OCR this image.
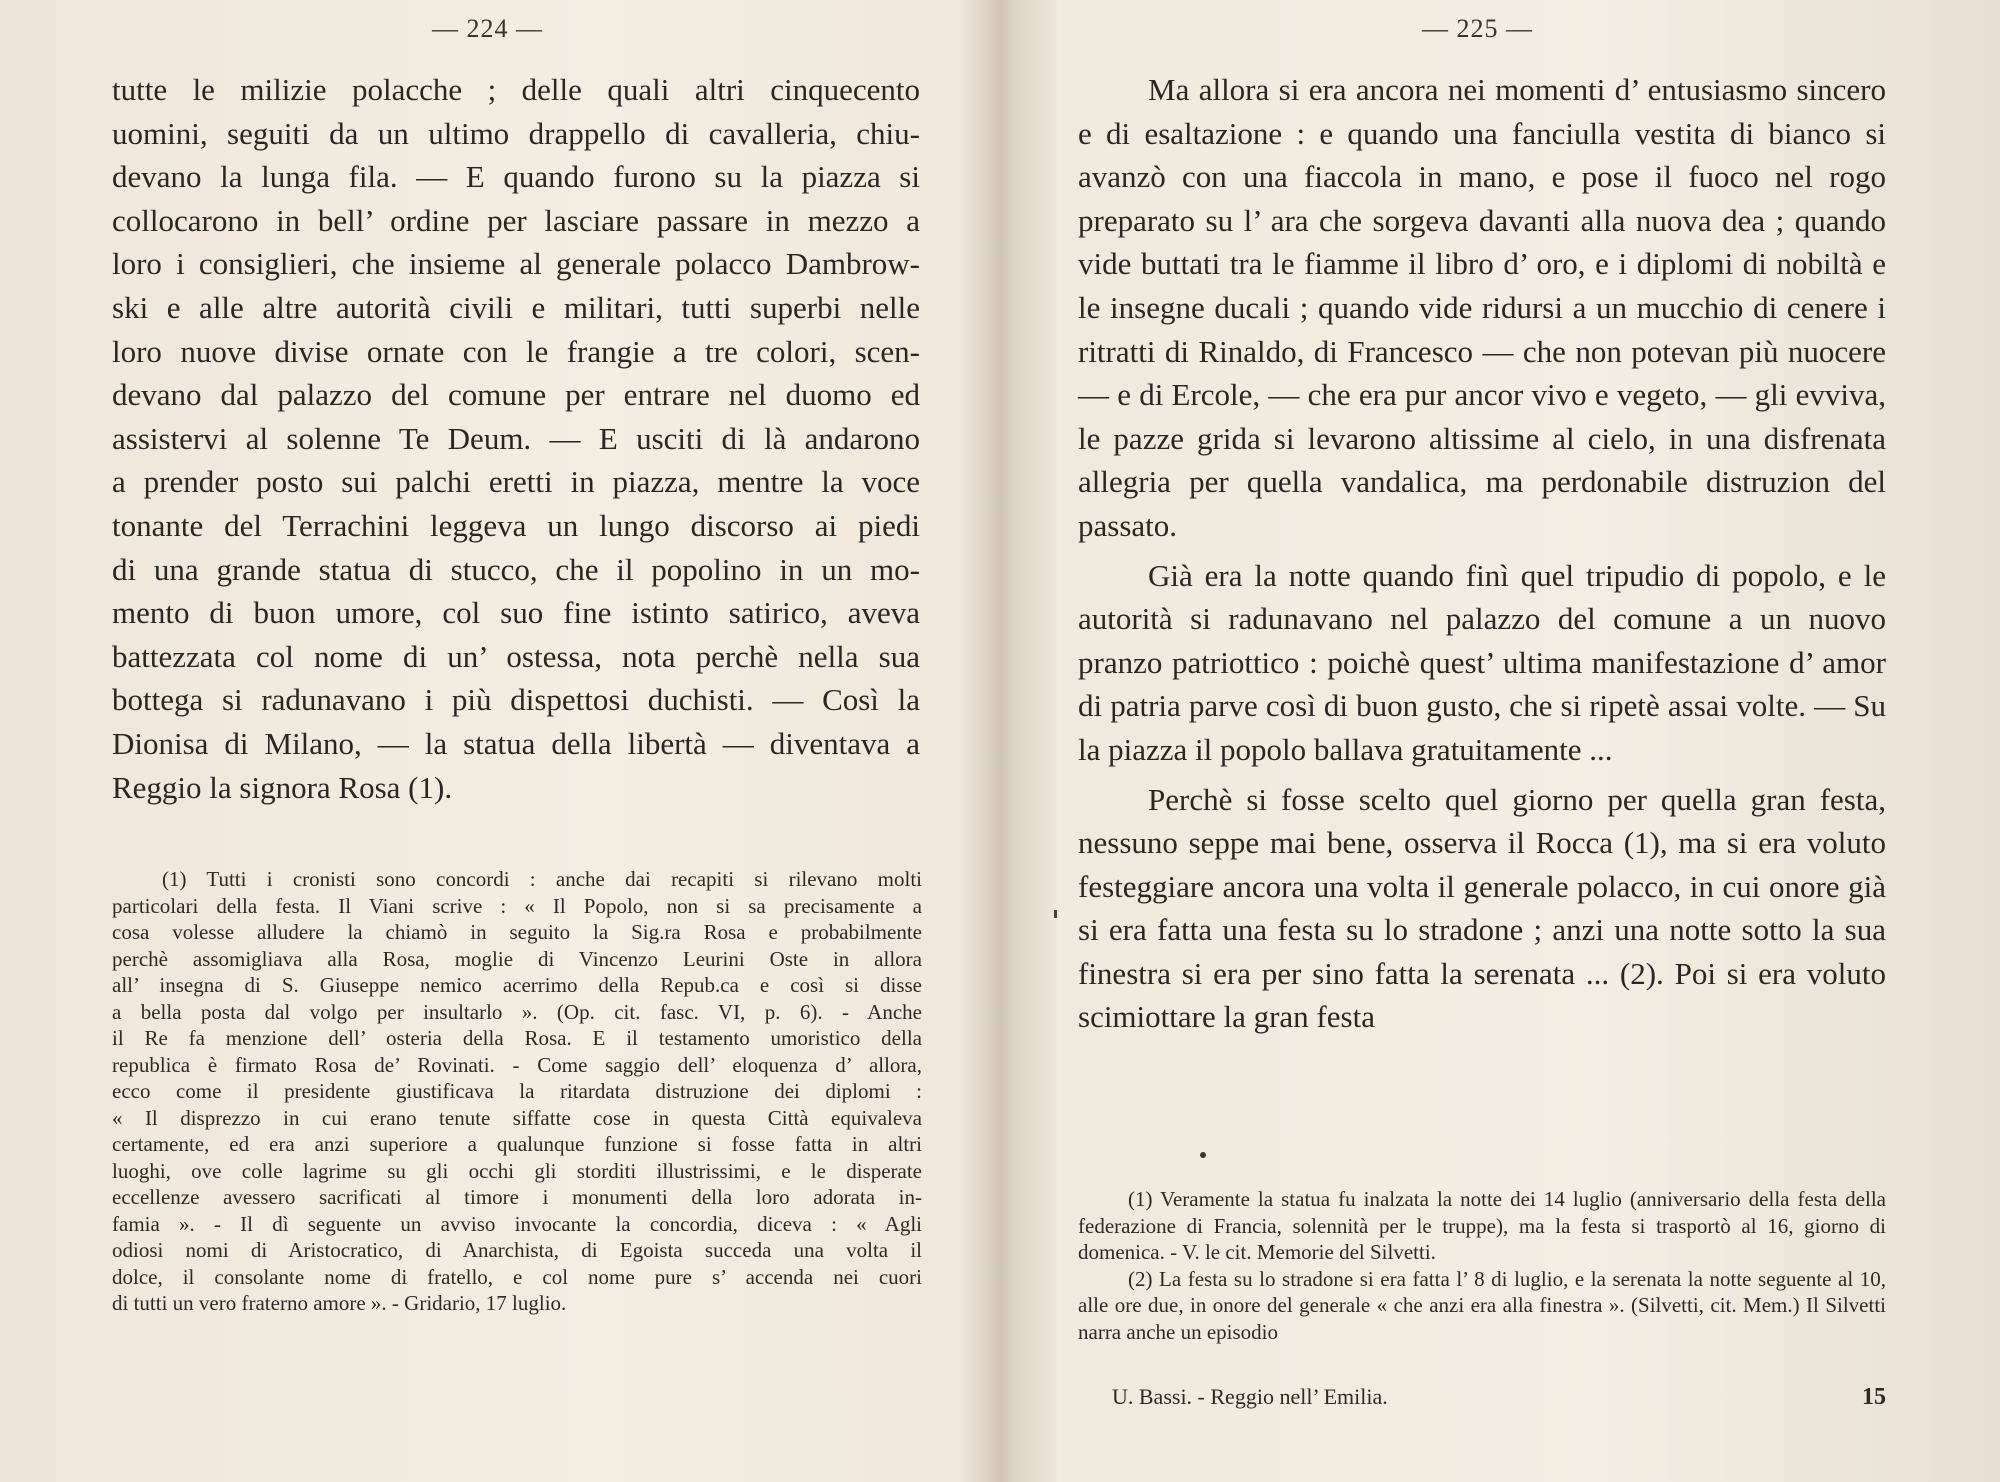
— 224 —
tutte le milizie polacche ; delle quali altri cinquecento
uomini, seguiti da un ultimo drappello di cavalleria, chiu-
devano la lunga fila. — E quando furono su la piazza si
collocarono in bell’ ordine per lasciare passare in mezzo a
loro i consiglieri, che insieme al generale polacco Dambrow-
ski e alle altre autorità civili e militari, tutti superbi nelle
loro nuove divise ornate con le frangie a tre colori, scen-
devano dal palazzo del comune per entrare nel duomo ed
assistervi al solenne Te Deum. — E usciti di là andarono
a prender posto sui palchi eretti in piazza, mentre la voce
tonante del Terrachini leggeva un lungo discorso ai piedi
di una grande statua di stucco, che il popolino in un mo-
mento di buon umore, col suo fine istinto satirico, aveva
battezzata col nome di un’ ostessa, nota perchè nella sua
bottega si radunavano i più dispettosi duchisti. — Così la
Dionisa di Milano, — la statua della libertà — diventava a
Reggio la signora Rosa (1).
(1) Tutti i cronisti sono concordi : anche dai recapiti si rilevano molti
particolari della festa. Il Viani scrive : « Il Popolo, non si sa precisamente a
cosa volesse alludere la chiamò in seguito la Sig.ra Rosa e probabilmente
perchè assomigliava alla Rosa, moglie di Vincenzo Leurini Oste in allora
all’ insegna di S. Giuseppe nemico acerrimo della Repub.ca e così si disse
a bella posta dal volgo per insultarlo ». (Op. cit. fasc. VI, p. 6). - Anche
il Re fa menzione dell’ osteria della Rosa. E il testamento umoristico della
republica è firmato Rosa de’ Rovinati. - Come saggio dell’ eloquenza d’ allora,
ecco come il presidente giustificava la ritardata distruzione dei diplomi :
« Il disprezzo in cui erano tenute siffatte cose in questa Città equivaleva
certamente, ed era anzi superiore a qualunque funzione si fosse fatta in altri
luoghi, ove colle lagrime su gli occhi gli storditi illustrissimi, e le disperate
eccellenze avessero sacrificati al timore i monumenti della loro adorata in-
famia ». - Il dì seguente un avviso invocante la concordia, diceva : « Agli
odiosi nomi di Aristocratico, di Anarchista, di Egoista succeda una volta il
dolce, il consolante nome di fratello, e col nome pure s’ accenda nei cuori
di tutti un vero fraterno amore ». - Gridario, 17 luglio.
— 225 —

Ma allora si era ancora nei momenti d’ entusiasmo sincero e di esaltazione : e quando una fanciulla vestita di bianco si avanzò con una fiaccola in mano, e pose il fuoco nel rogo preparato su l’ ara che sorgeva davanti alla nuova dea ; quando vide buttati tra le fiamme il libro d’ oro, e i diplomi di nobiltà e le insegne ducali ; quando vide ridursi a un mucchio di cenere i ritratti di Rinaldo, di Francesco — che non potevan più nuocere — e di Ercole, — che era pur ancor vivo e vegeto, — gli evviva, le pazze grida si levarono altissime al cielo, in una disfrenata allegria per quella vandalica, ma perdonabile distruzion del passato.

Già era la notte quando finì quel tripudio di popolo, e le autorità si radunavano nel palazzo del comune a un nuovo pranzo patriottico : poichè quest’ ultima manifestazione d’ amor di patria parve così di buon gusto, che si ripetè assai volte. — Su la piazza il popolo ballava gratuitamente ...

Perchè si fosse scelto quel giorno per quella gran festa, nessuno seppe mai bene, osserva il Rocca (1), ma si era voluto festeggiare ancora una volta il generale polacco, in cui onore già si era fatta una festa su lo stradone ; anzi una notte sotto la sua finestra si era per sino fatta la serenata ... (2). Poi si era voluto scimiottare la gran festa

(1) Veramente la statua fu inalzata la notte dei 14 luglio (anniversario della festa della federazione di Francia, solennità per le truppe), ma la festa si trasportò al 16, giorno di domenica. - V. le cit. Memorie del Silvetti.

(2) La festa su lo stradone si era fatta l’ 8 di luglio, e la serenata la notte seguente al 10, alle ore due, in onore del generale « che anzi era alla finestra ». (Silvetti, cit. Mem.) Il Silvetti narra anche un episodio

U. Bassi. - Reggio nell’ Emilia.	15
